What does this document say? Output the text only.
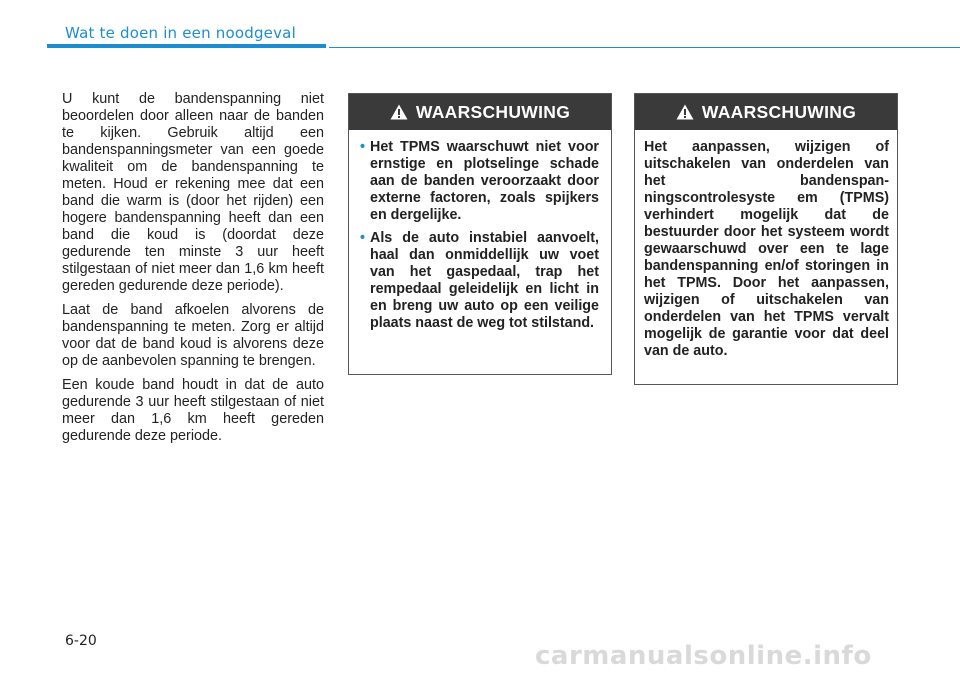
Wat te doen in een noodgeval

U kunt de bandenspanning niet beoordelen door alleen naar de banden te kijken. Gebruik altijd een bandenspanningsmeter van een goede kwaliteit om de bandenspanning te meten. Houd er rekening mee dat een band die warm is (door het rijden) een hogere bandenspanning heeft dan een band die koud is (doordat deze gedurende ten minste 3 uur heeft stilgestaan of niet meer dan 1,6 km heeft gereden gedurende deze periode).

Laat de band afkoelen alvorens de bandenspanning te meten. Zorg er altijd voor dat de band koud is alvorens deze op de aanbevolen spanning te brengen.

Een koude band houdt in dat de auto gedurende 3 uur heeft stilgestaan of niet meer dan 1,6 km heeft gereden gedurende deze periode.

WAARSCHUWING
• Het TPMS waarschuwt niet voor ernstige en plotselinge schade aan de banden veroorzaakt door externe factoren, zoals spijkers en dergelijke.
• Als de auto instabiel aanvoelt, haal dan onmiddellijk uw voet van het gaspedaal, trap het rempedaal geleidelijk en licht in en breng uw auto op een veilige plaats naast de weg tot stilstand.
WAARSCHUWING
Het aanpassen, wijzigen of uitschakelen van onderdelen van het bandenspan-ningscontrolesyste em (TPMS) verhindert mogelijk dat de bestuurder door het systeem wordt gewaarschuwd over een te lage bandenspanning en/of storingen in het TPMS. Door het aanpassen, wijzigen of uitschakelen van onderdelen van het TPMS vervalt mogelijk de garantie voor dat deel van de auto.
6-20	carmanualsonline.info
